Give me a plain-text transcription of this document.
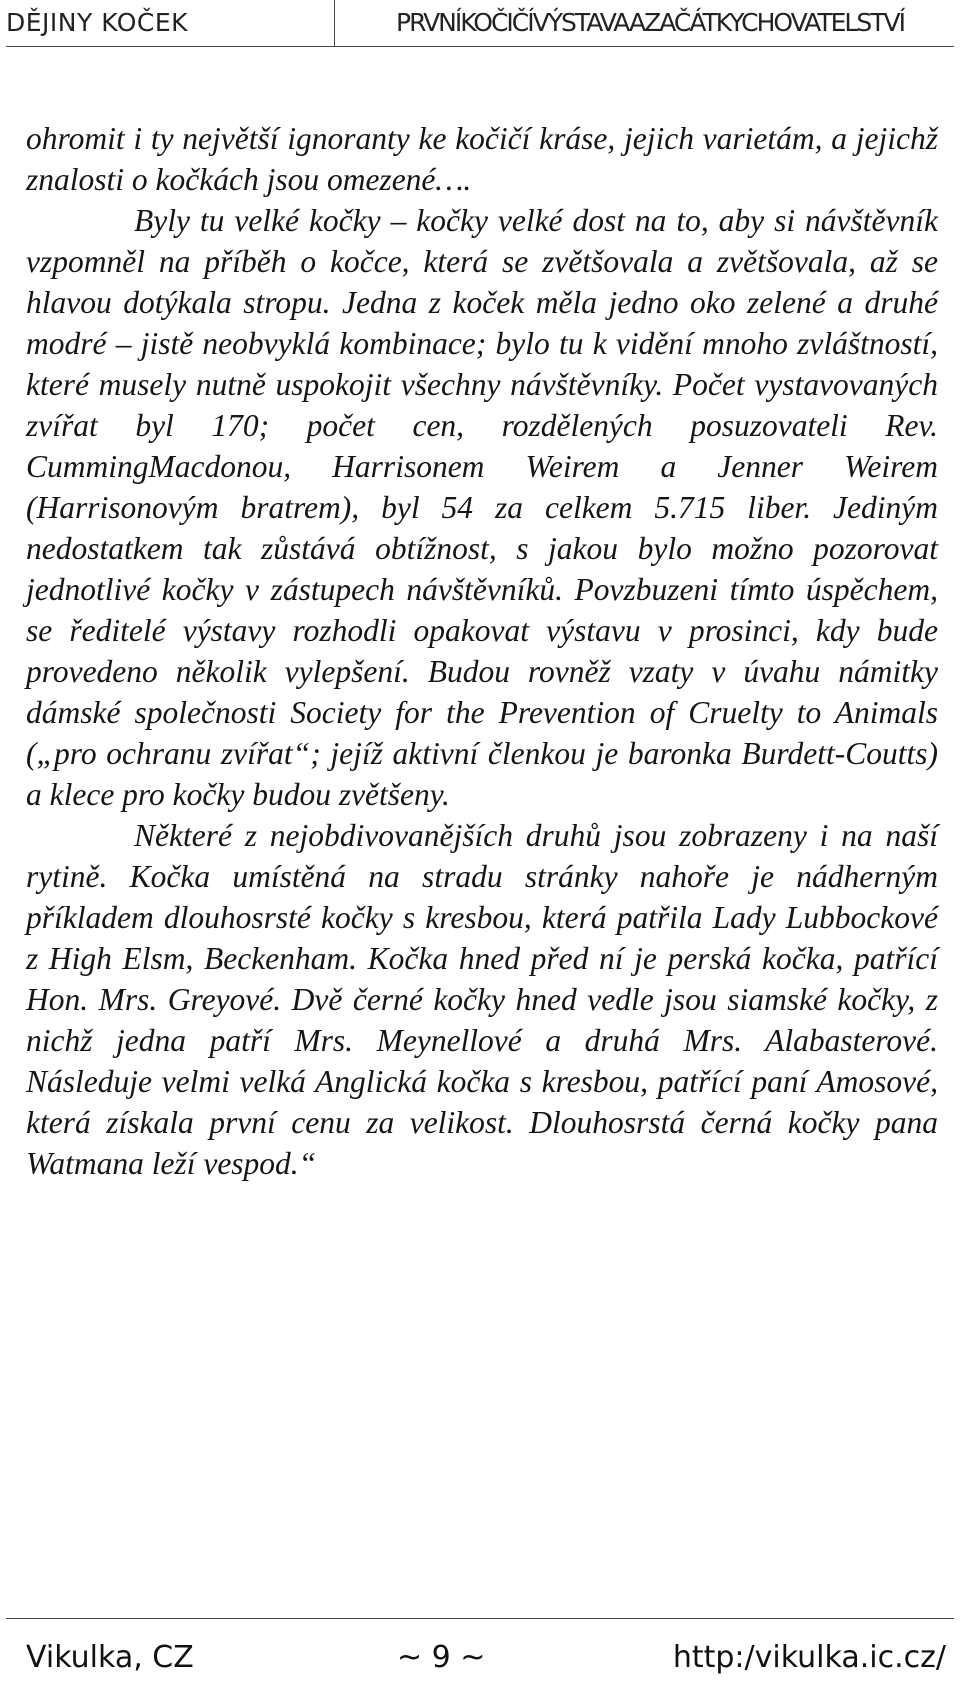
DĚJINY KOČEK	PRVNÍKOČIČÍVÝSTAVAAZAČÁTKYCHOVATELSTVÍ

ohromit i ty největší ignoranty ke kočičí kráse, jejich varietám, a jejichž znalosti o kočkách jsou omezené….

Byly tu velké kočky – kočky velké dost na to, aby si návštěvník vzpomněl na příběh o kočce, která se zvětšovala a zvětšovala, až se hlavou dotýkala stropu. Jedna z koček měla jedno oko zelené a druhé modré – jistě neobvyklá kombinace; bylo tu k vidění mnoho zvláštností, které musely nutně uspokojit všechny návštěvníky. Počet vystavovaných zvířat byl 170; počet cen, rozdělených posuzovateli Rev. CummingMacdonou, Harrisonem Weirem a Jenner Weirem (Harrisonovým bratrem), byl 54 za celkem 5.715 liber. Jediným nedostatkem tak zůstává obtížnost, s jakou bylo možno pozorovat jednotlivé kočky v zástupech návštěvníků. Povzbuzeni tímto úspěchem, se ředitelé výstavy rozhodli opakovat výstavu v prosinci, kdy bude provedeno několik vylepšení. Budou rovněž vzaty v úvahu námitky dámské společnosti Society for the Prevention of Cruelty to Animals („pro ochranu zvířat“; jejíž aktivní členkou je baronka Burdett-Coutts) a klece pro kočky budou zvětšeny.

Některé z nejobdivovanějších druhů jsou zobrazeny i na naší rytině. Kočka umístěná na stradu stránky nahoře je nádherným příkladem dlouhosrsté kočky s kresbou, která patřila Lady Lubbockové z High Elsm, Beckenham. Kočka hned před ní je perská kočka, patřící Hon. Mrs. Greyové. Dvě černé kočky hned vedle jsou siamské kočky, z nichž jedna patří Mrs. Meynellové a druhá Mrs. Alabasterové. Následuje velmi velká Anglická kočka s kresbou, patřící paní Amosové, která získala první cenu za velikost. Dlouhosrstá černá kočky pana Watmana leží vespod.“

Vikulka, CZ	~ 9 ~	http:/vikulka.ic.cz/
